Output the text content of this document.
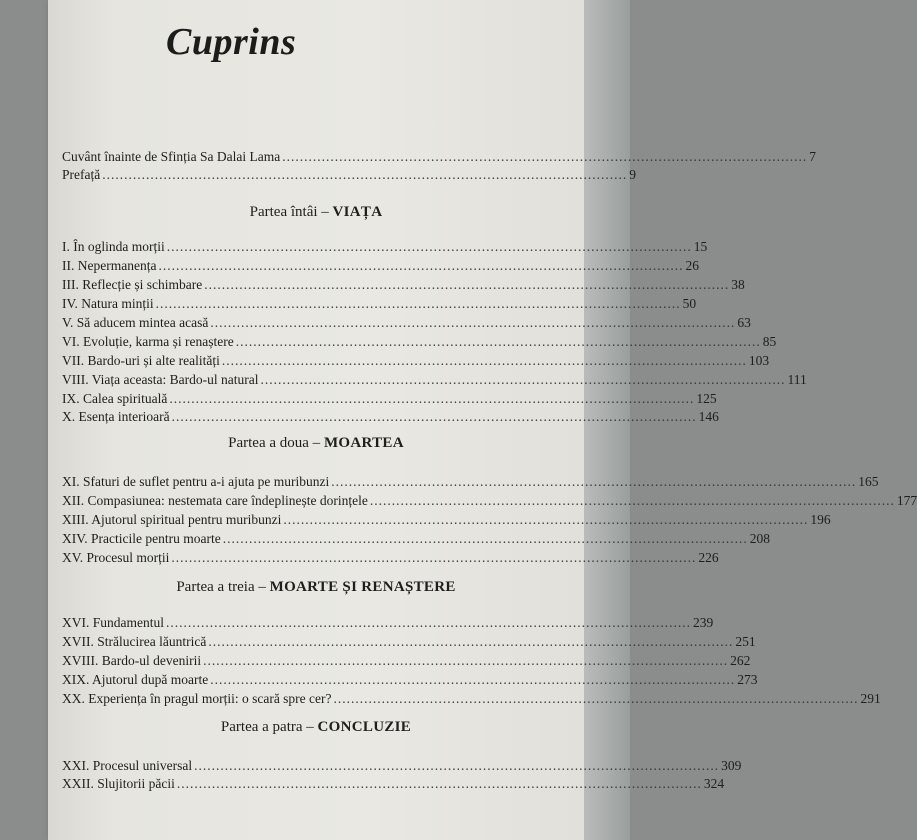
Cuprins
Cuvânt înainte de Sfinția Sa Dalai Lama ........................................................................................................................ 7
Prefață ........................................................................................................................ 9
Partea întâi – VIAȚA
I. În oglinda morții ........................................................................................................................ 15
II. Nepermanența ........................................................................................................................ 26
III. Reflecție și schimbare ........................................................................................................................ 38
IV. Natura minții ........................................................................................................................ 50
V. Să aducem mintea acasă ........................................................................................................................ 63
VI. Evoluție, karma și renaștere ........................................................................................................................ 85
VII. Bardo-uri și alte realități ........................................................................................................................ 103
VIII. Viața aceasta: Bardo-ul natural ........................................................................................................................ 111
IX. Calea spirituală ........................................................................................................................ 125
X. Esența interioară ........................................................................................................................ 146
Partea a doua – MOARTEA
XI. Sfaturi de suflet pentru a-i ajuta pe muribunzi ........................................................................................................................ 165
XII. Compasiunea: nestemata care îndeplinește dorințele ........................................................................................................................ 177
XIII. Ajutorul spiritual pentru muribunzi ........................................................................................................................ 196
XIV. Practicile pentru moarte ........................................................................................................................ 208
XV. Procesul morții ........................................................................................................................ 226
Partea a treia – MOARTE ȘI RENAȘTERE
XVI. Fundamentul ........................................................................................................................ 239
XVII. Strălucirea lăuntrică ........................................................................................................................ 251
XVIII. Bardo-ul devenirii ........................................................................................................................ 262
XIX. Ajutorul după moarte ........................................................................................................................ 273
XX. Experiența în pragul morții: o scară spre cer? ........................................................................................................................ 291
Partea a patra – CONCLUZIE
XXI. Procesul universal ........................................................................................................................ 309
XXII. Slujitorii păcii ........................................................................................................................ 324
